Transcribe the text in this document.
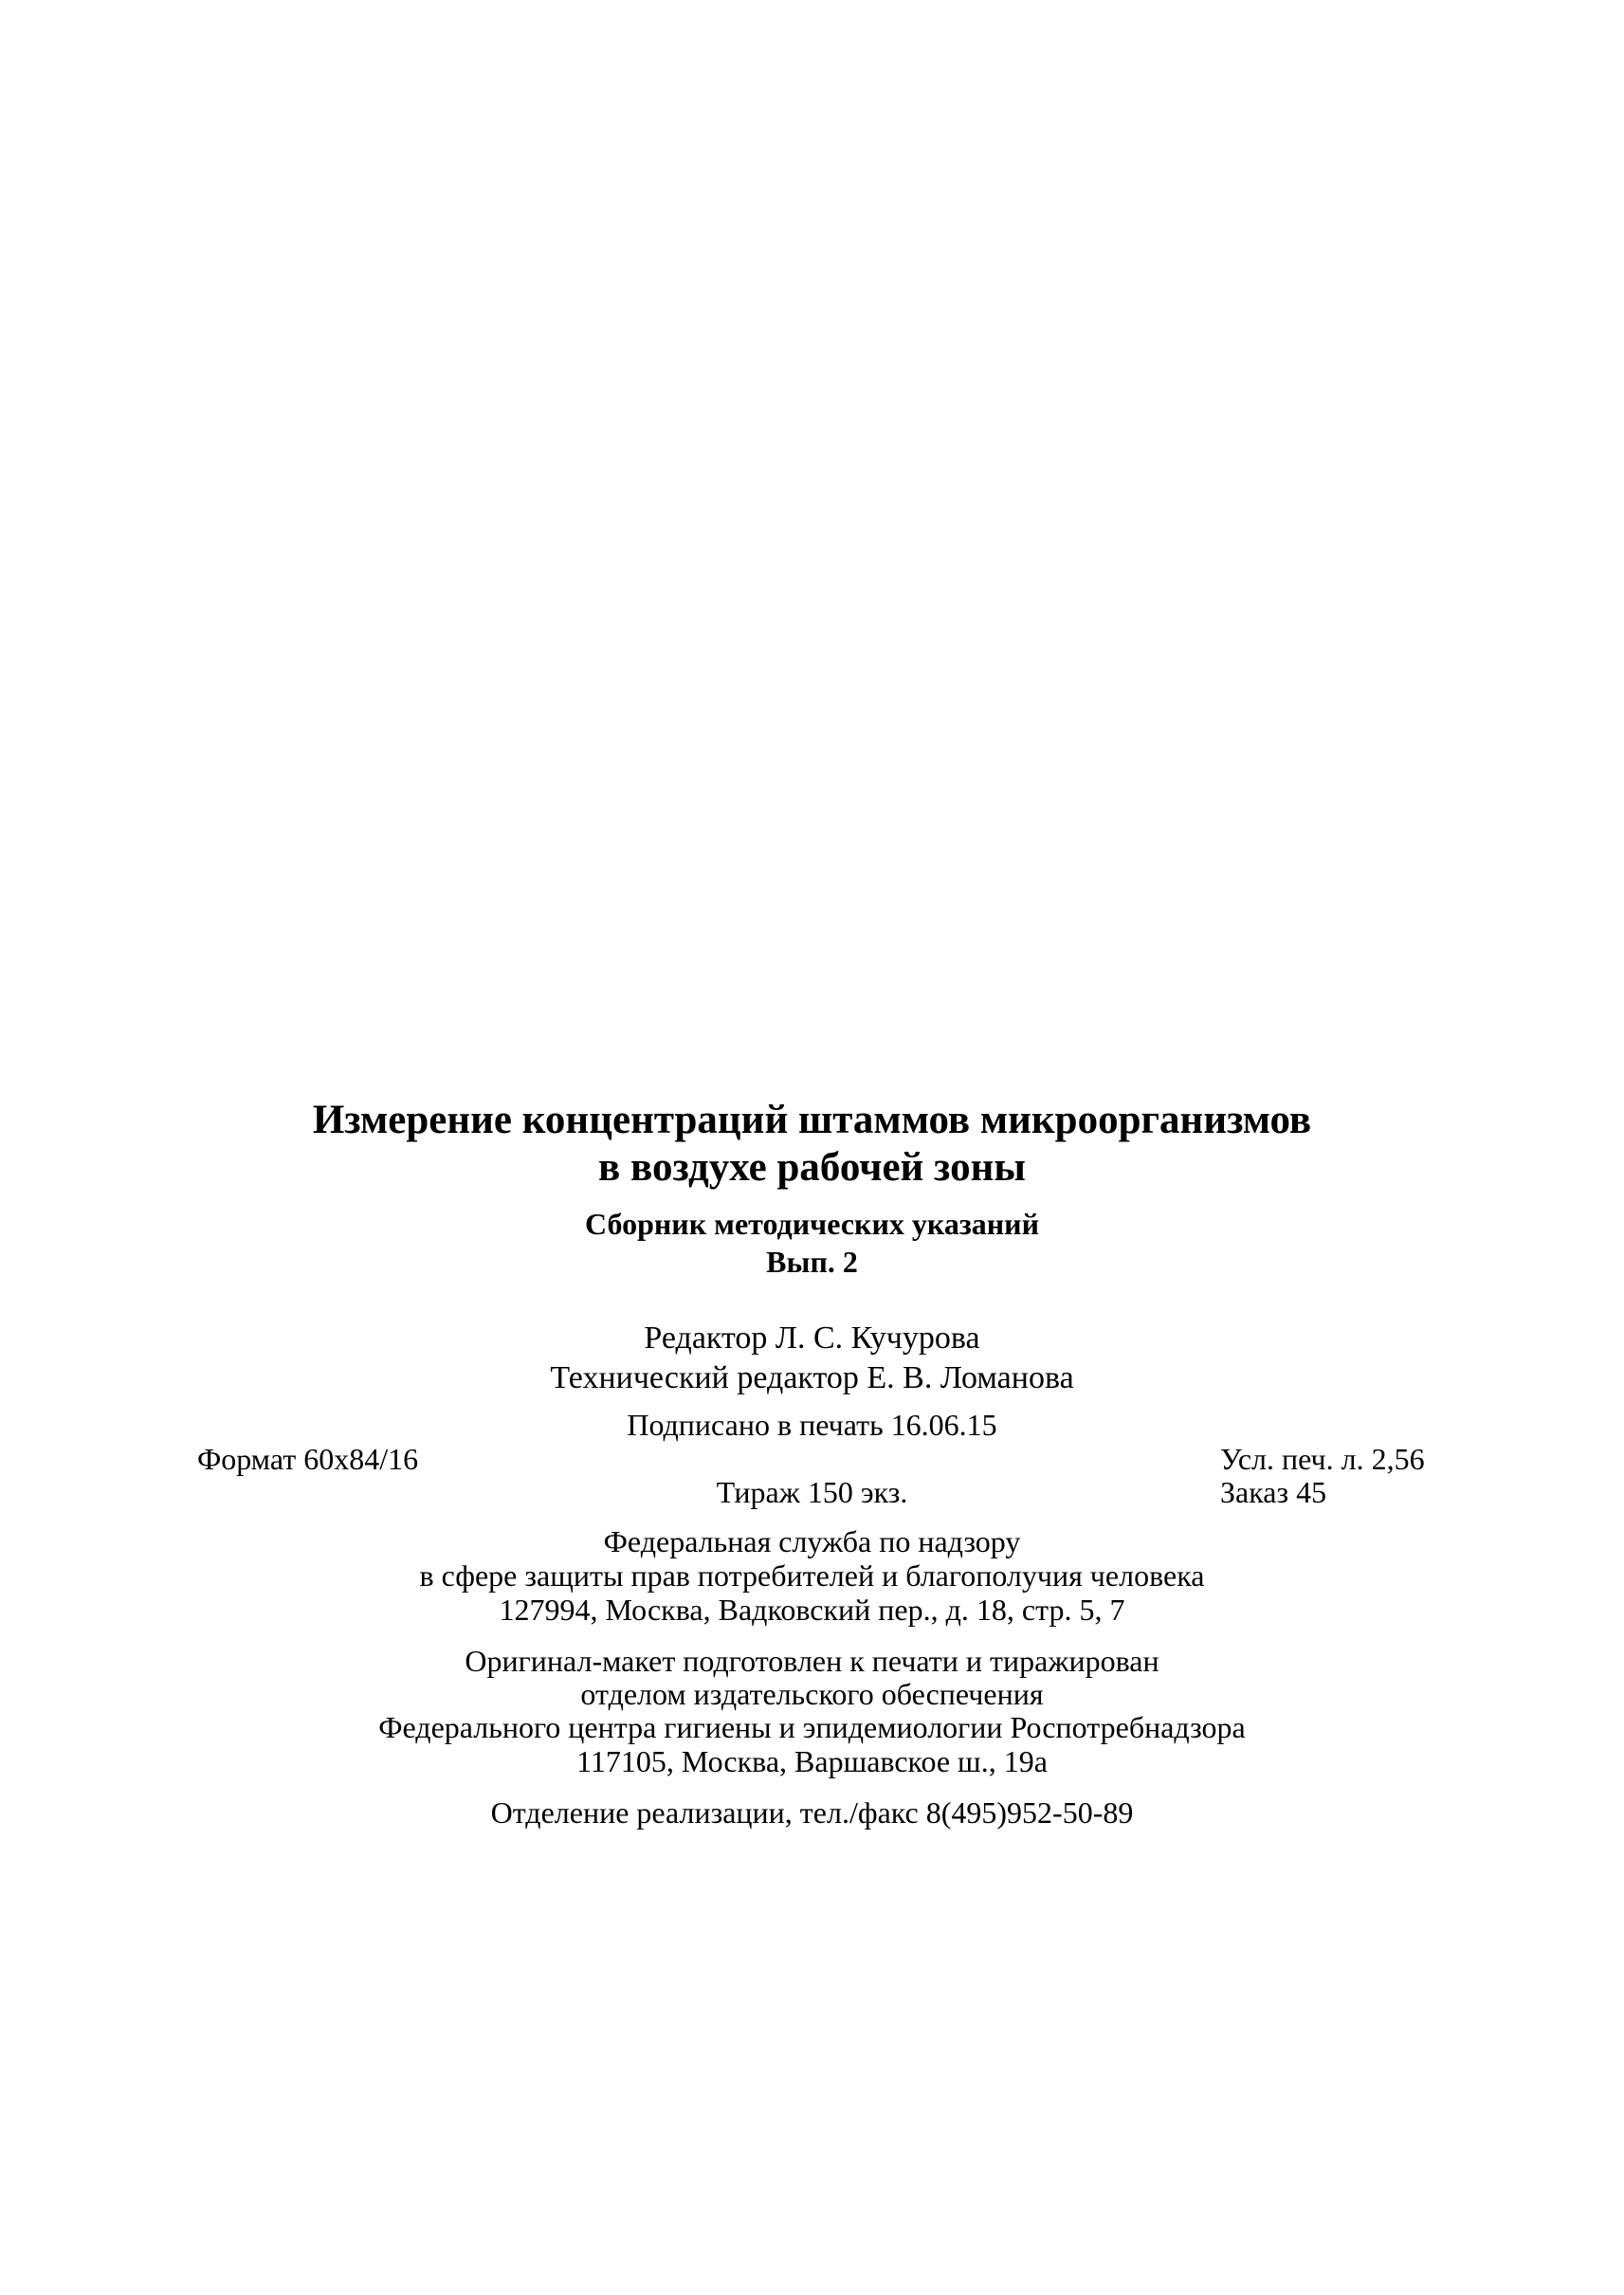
Измерение концентраций штаммов микроорганизмов
в воздухе рабочей зоны
Сборник методических указаний
Вып. 2
Редактор Л. С. Кучурова
Технический редактор Е. В. Ломанова
Подписано в печать 16.06.15
Формат 60x84/16	Усл. печ. л. 2,56
Тираж 150 экз.	Заказ 45
Федеральная служба по надзору
в сфере защиты прав потребителей и благополучия человека
127994, Москва, Вадковский пер., д. 18, стр. 5, 7
Оригинал-макет подготовлен к печати и тиражирован
отделом издательского обеспечения
Федерального центра гигиены и эпидемиологии Роспотребнадзора
117105, Москва, Варшавское ш., 19а
Отделение реализации, тел./факс 8(495)952-50-89
